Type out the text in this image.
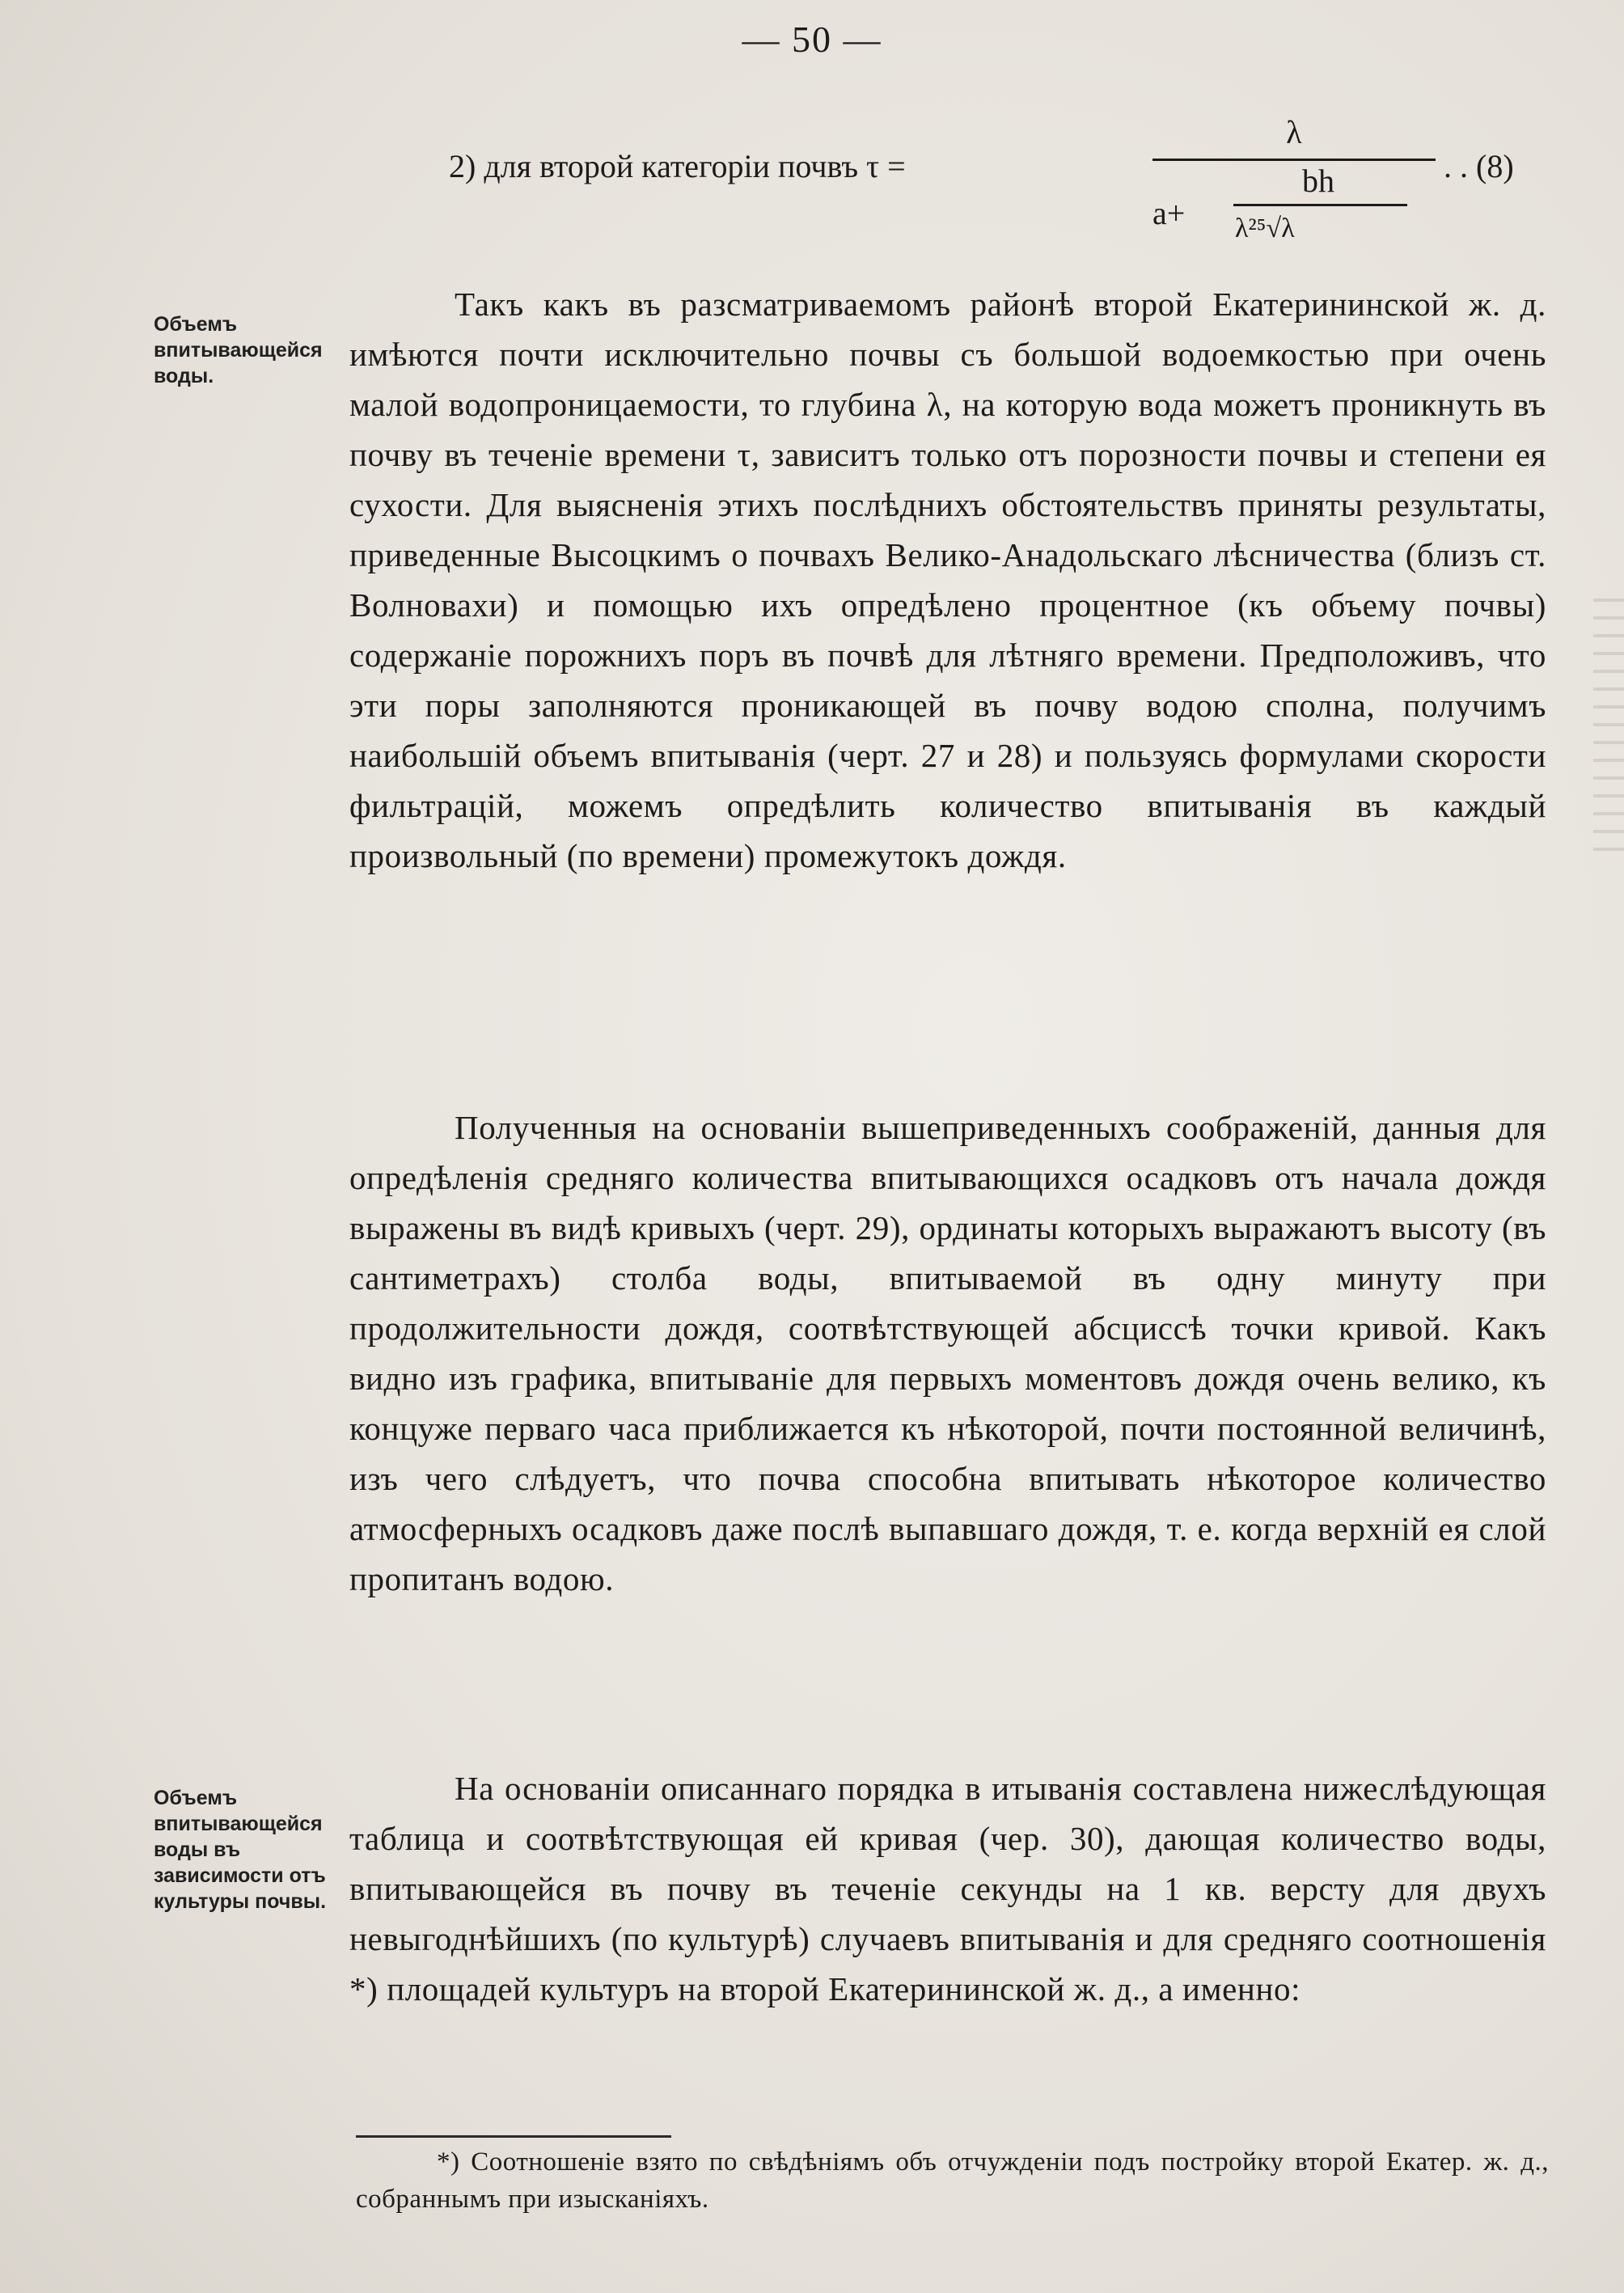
— 50 —
2) для второй категоріи почвъ τ =
λ
a+
bh
λ²⁵√λ
. . (8)
Объемъ впитывающейся воды.
Объемъ впитывающейся воды въ зависимости отъ культуры почвы.

Такъ какъ въ разсматриваемомъ районѣ второй Екатерининской ж. д. имѣются почти исключительно почвы съ большой водоемкостью при очень малой водопроницаемости, то глубина λ, на которую вода можетъ проникнуть въ почву въ теченіе времени τ, зависитъ только отъ порозности почвы и степени ея сухости. Для выясненія этихъ послѣднихъ обстоятельствъ приняты результаты, приведенные Высоцкимъ о почвахъ Велико-Анадольскаго лѣсничества (близъ ст. Волновахи) и помощью ихъ опредѣлено процентное (къ объему почвы) содержаніе порожнихъ поръ въ почвѣ для лѣтняго времени. Предположивъ, что эти поры заполняются проникающей въ почву водою сполна, получимъ наибольшій объемъ впитыванія (черт. 27 и 28) и пользуясь формулами скорости фильтрацій, можемъ опредѣлить количество впитыванія въ каждый произвольный (по времени) промежутокъ дождя.

Полученныя на основаніи вышеприведенныхъ соображеній, данныя для опредѣленія средняго количества впитывающихся осадковъ отъ начала дождя выражены въ видѣ кривыхъ (черт. 29), ординаты которыхъ выражаютъ высоту (въ сантиметрахъ) столба воды, впитываемой въ одну минуту при продолжительности дождя, соотвѣтствующей абсциссѣ точки кривой. Какъ видно изъ графика, впитываніе для первыхъ моментовъ дождя очень велико, къ концуже перваго часа приближается къ нѣкоторой, почти постоянной величинѣ, изъ чего слѣдуетъ, что почва способна впитывать нѣкоторое количество атмосферныхъ осадковъ даже послѣ выпавшаго дождя, т. е. когда верхній ея слой пропитанъ водою.

На основаніи описаннаго порядка в итыванія составлена нижеслѣдующая таблица и соотвѣтствующая ей кривая (чер. 30), дающая количество воды, впитывающейся въ почву въ теченіе секунды на 1 кв. версту для двухъ невыгоднѣйшихъ (по культурѣ) случаевъ впитыванія и для средняго соотношенія *) площадей культуръ на второй Екатерининской ж. д., а именно:

*) Соотношеніе взято по свѣдѣніямъ объ отчужденіи подъ постройку второй Екатер. ж. д., собраннымъ при изысканіяхъ.
